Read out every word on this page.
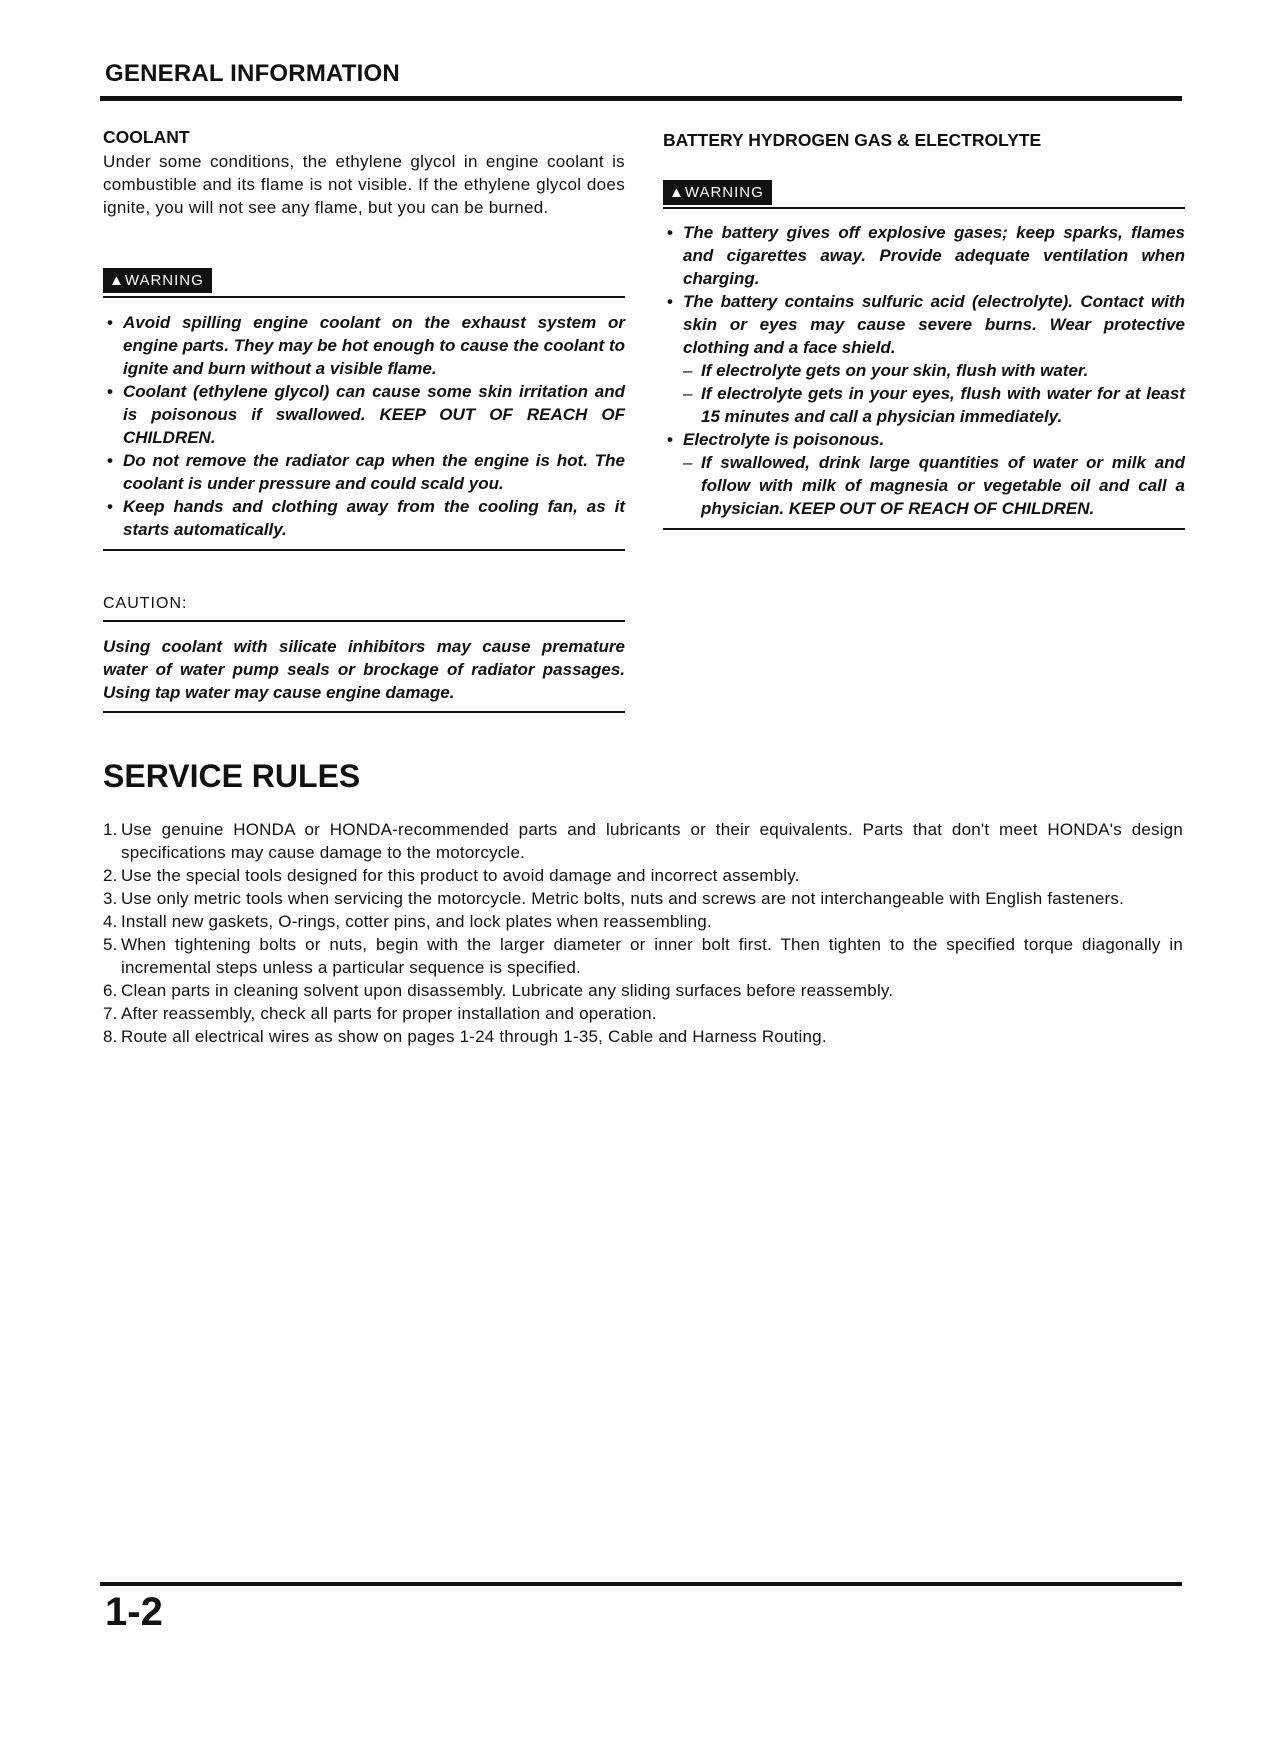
GENERAL INFORMATION
COOLANT
Under some conditions, the ethylene glycol in engine coolant is combustible and its flame is not visible. If the ethylene glycol does ignite, you will not see any flame, but you can be burned.
▲WARNING
• Avoid spilling engine coolant on the exhaust system or engine parts. They may be hot enough to cause the coolant to ignite and burn without a visible flame.
• Coolant (ethylene glycol) can cause some skin irritation and is poisonous if swallowed. KEEP OUT OF REACH OF CHILDREN.
• Do not remove the radiator cap when the engine is hot. The coolant is under pressure and could scald you.
• Keep hands and clothing away from the cooling fan, as it starts automatically.
CAUTION:
Using coolant with silicate inhibitors may cause premature water of water pump seals or brockage of radiator passages. Using tap water may cause engine damage.
BATTERY HYDROGEN GAS & ELECTROLYTE
▲WARNING
• The battery gives off explosive gases; keep sparks, flames and cigarettes away. Provide adequate ventilation when charging.
• The battery contains sulfuric acid (electrolyte). Contact with skin or eyes may cause severe burns. Wear protective clothing and a face shield.
– If electrolyte gets on your skin, flush with water.
– If electrolyte gets in your eyes, flush with water for at least 15 minutes and call a physician immediately.
• Electrolyte is poisonous.
– If swallowed, drink large quantities of water or milk and follow with milk of magnesia or vegetable oil and call a physician. KEEP OUT OF REACH OF CHILDREN.
SERVICE RULES
1. Use genuine HONDA or HONDA-recommended parts and lubricants or their equivalents. Parts that don't meet HONDA's design specifications may cause damage to the motorcycle.
2. Use the special tools designed for this product to avoid damage and incorrect assembly.
3. Use only metric tools when servicing the motorcycle. Metric bolts, nuts and screws are not interchangeable with English fasteners.
4. Install new gaskets, O-rings, cotter pins, and lock plates when reassembling.
5. When tightening bolts or nuts, begin with the larger diameter or inner bolt first. Then tighten to the specified torque diagonally in incremental steps unless a particular sequence is specified.
6. Clean parts in cleaning solvent upon disassembly. Lubricate any sliding surfaces before reassembly.
7. After reassembly, check all parts for proper installation and operation.
8. Route all electrical wires as show on pages 1-24 through 1-35, Cable and Harness Routing.
1-2
